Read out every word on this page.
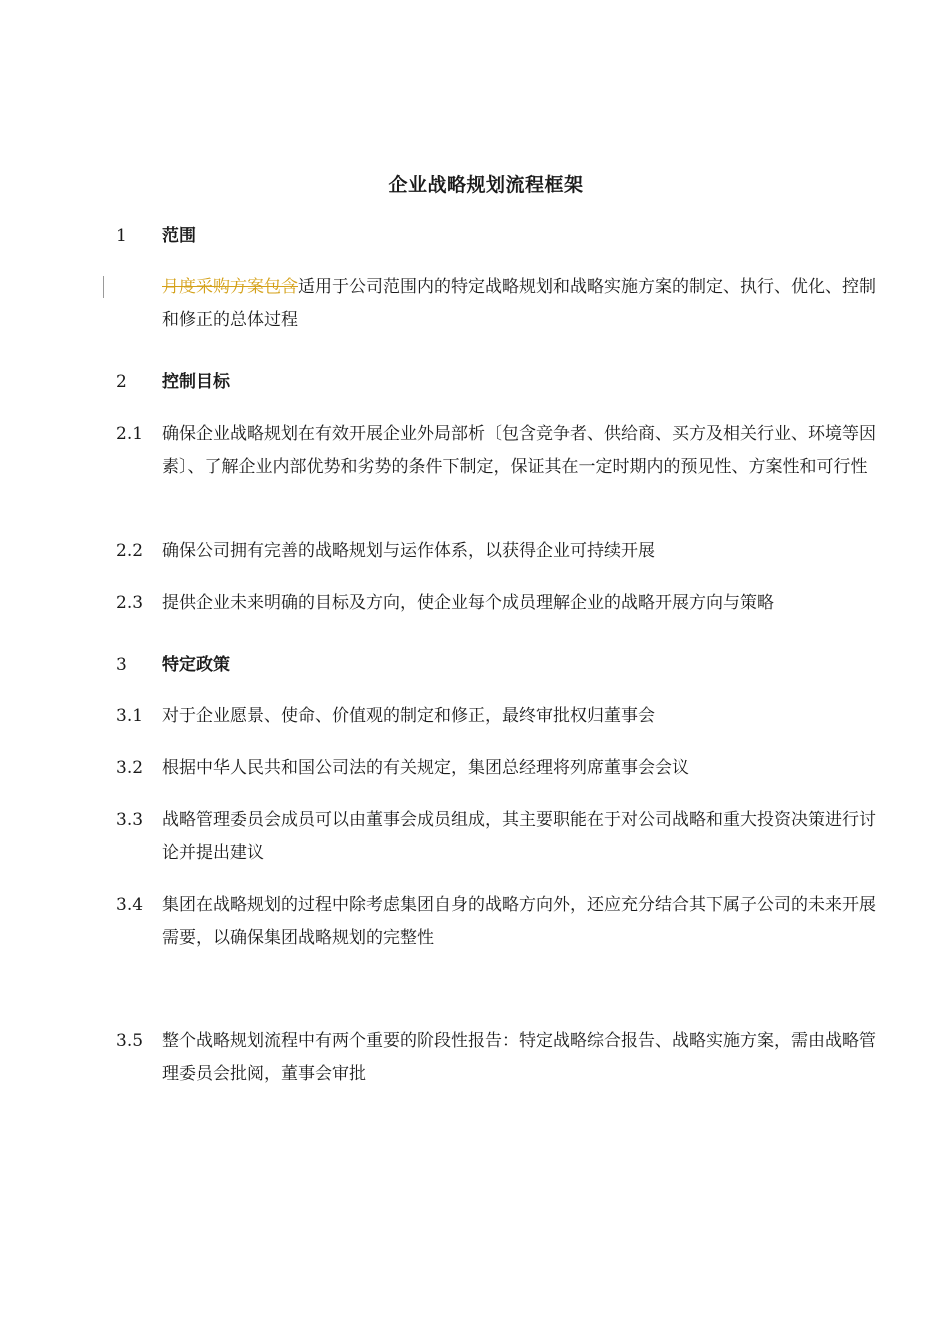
企业战略规划流程框架
1 范围
月度采购方案包含适用于公司范围内的特定战略规划和战略实施方案的制定、执行、优化、控制和修正的总体过程
2 控制目标
2.1	确保企业战略规划在有效开展企业外局部析〔包含竞争者、供给商、买方及相关行业、环境等因素〕、了解企业内部优势和劣势的条件下制定，保证其在一定时期内的预见性、方案性和可行性
2.2	确保公司拥有完善的战略规划与运作体系，以获得企业可持续开展
2.3	提供企业未来明确的目标及方向，使企业每个成员理解企业的战略开展方向与策略
3 特定政策
3.1	对于企业愿景、使命、价值观的制定和修正，最终审批权归董事会
3.2	根据中华人民共和国公司法的有关规定，集团总经理将列席董事会会议
3.3	战略管理委员会成员可以由董事会成员组成，其主要职能在于对公司战略和重大投资决策进行讨论并提出建议
3.4	集团在战略规划的过程中除考虑集团自身的战略方向外，还应充分结合其下属子公司的未来开展需要，以确保集团战略规划的完整性
3.5	整个战略规划流程中有两个重要的阶段性报告：特定战略综合报告、战略实施方案，需由战略管理委员会批阅，董事会审批
